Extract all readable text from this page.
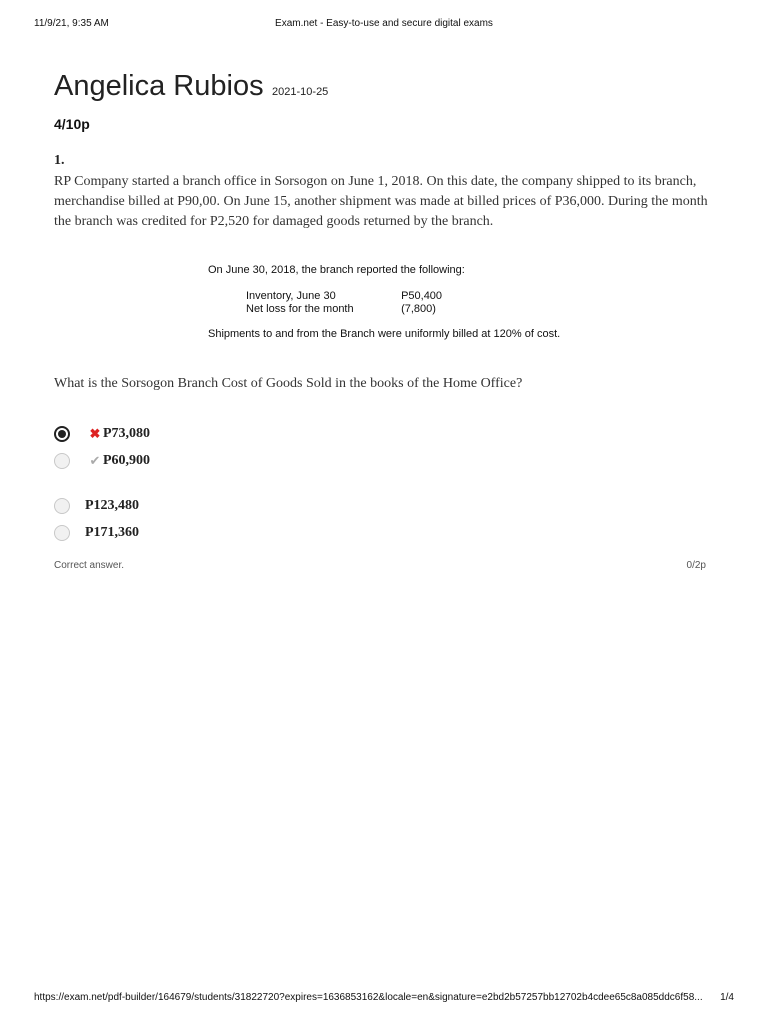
11/9/21, 9:35 AM	Exam.net - Easy-to-use and secure digital exams
Angelica Rubios 2021-10-25
4/10p
1.
RP Company started a branch office in Sorsogon on June 1, 2018. On this date, the company shipped to its branch, merchandise billed at P90,00. On June 15, another shipment was made at billed prices of P36,000. During the month the branch was credited for P2,520 for damaged goods returned by the branch.
On June 30, 2018, the branch reported the following:
Inventory, June 30	P50,400
Net loss for the month	(7,800)
Shipments to and from the Branch were uniformly billed at 120% of cost.
What is the Sorsogon Branch Cost of Goods Sold in the books of the Home Office?
✖ P73,080
✔ P60,900
P123,480
P171,360
Correct answer.	0/2p
https://exam.net/pdf-builder/164679/students/31822720?expires=1636853162&locale=en&signature=e2bd2b57257bb12702b4cdee65c8a085ddc6f58...	1/4
